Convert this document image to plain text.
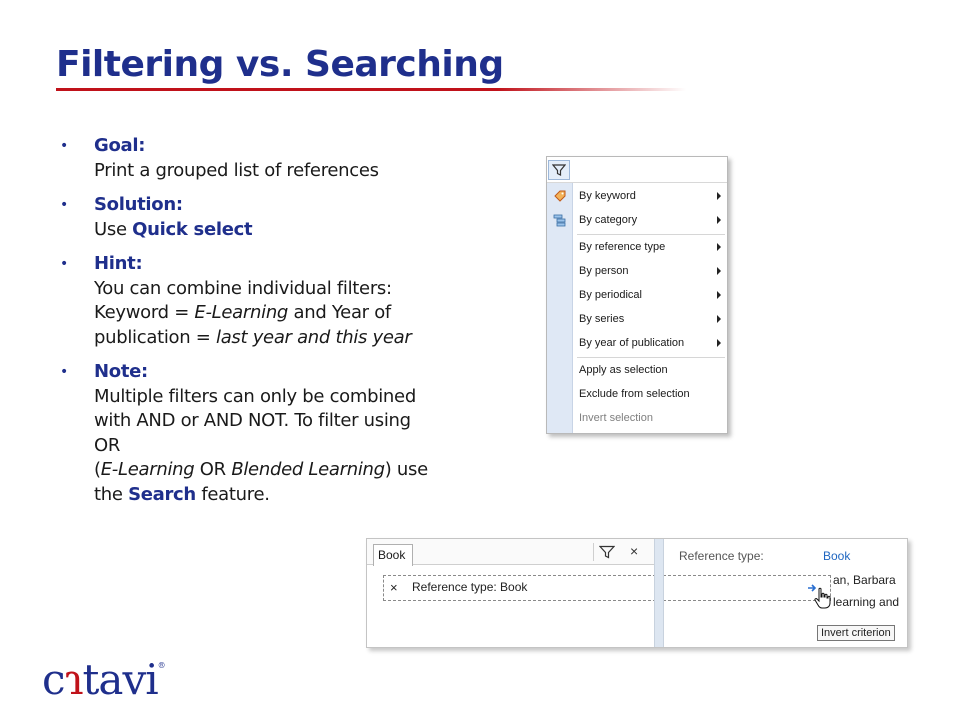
Filtering vs. Searching
• Goal:
Print a grouped list of references
• Solution:
Use Quick select
• Hint:
You can combine individual filters:
Keyword = E-Learning and Year of
publication = last year and this year
• Note:
Multiple filters can only be combined
with AND or AND NOT. To filter using
OR
(E-Learning OR Blended Learning) use
the Search feature.
By keyword
By category
By reference type
By person
By periodical
By series
By year of publication
Apply as selection
Exclude from selection
Invert selection
Book	×
× Reference type: Book
Reference type:	Book
an, Barbara
learning and
Invert criterion
cɿtavi®
